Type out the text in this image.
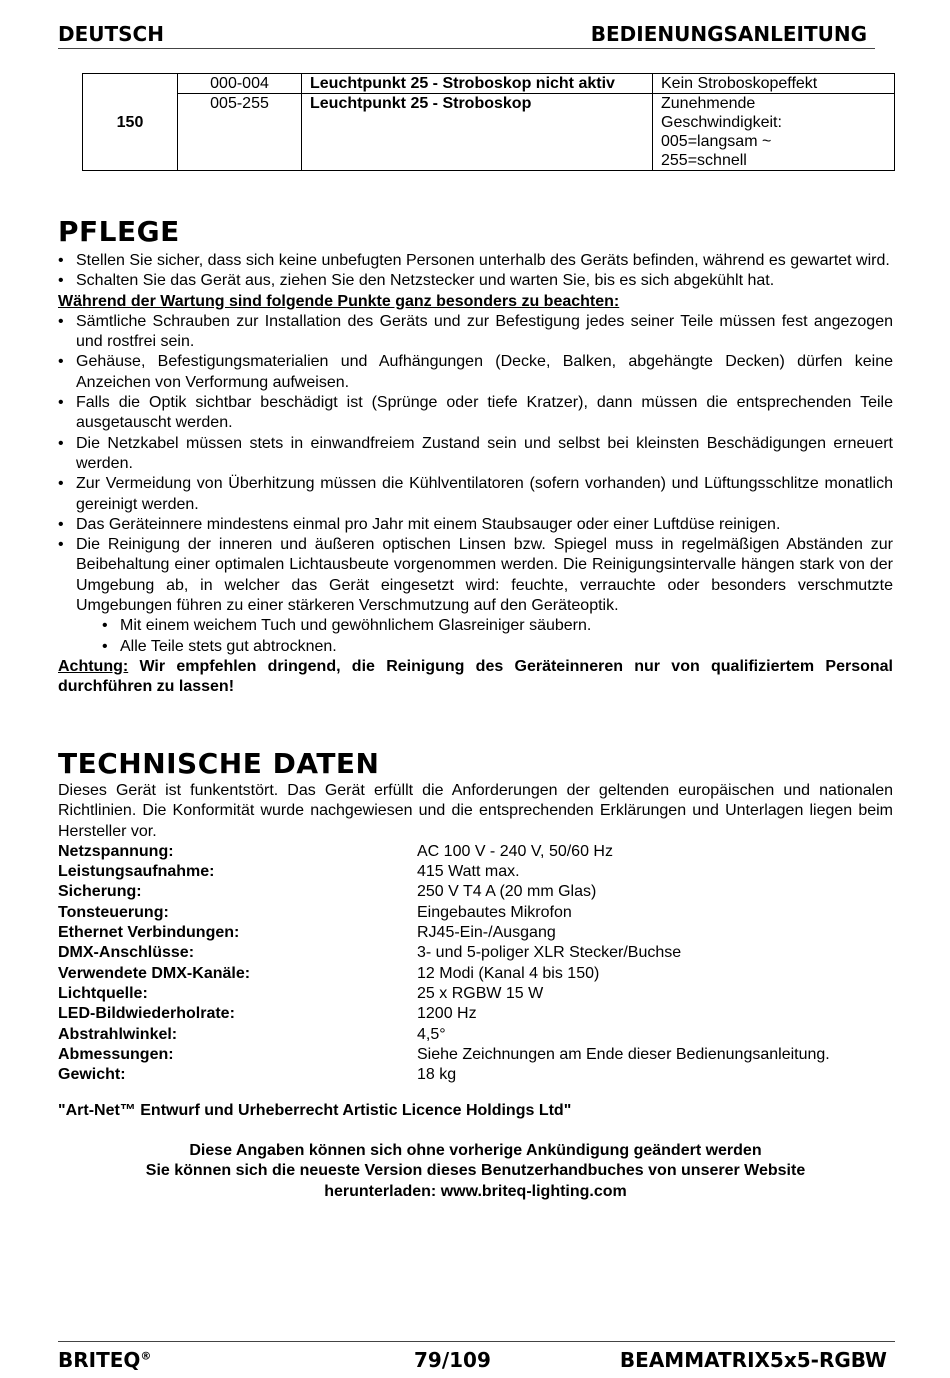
DEUTSCH	BEDIENUNGSANLEITUNG
150	000-004	Leuchtpunkt 25 - Stroboskop nicht aktiv	Kein Stroboskopeffekt
	005-255	Leuchtpunkt 25 - Stroboskop	Zunehmende
Geschwindigkeit:
005=langsam ~
255=schnell
PFLEGE
• Stellen Sie sicher, dass sich keine unbefugten Personen unterhalb des Geräts befinden, während es gewartet wird.
• Schalten Sie das Gerät aus, ziehen Sie den Netzstecker und warten Sie, bis es sich abgekühlt hat.
Während der Wartung sind folgende Punkte ganz besonders zu beachten:
• Sämtliche Schrauben zur Installation des Geräts und zur Befestigung jedes seiner Teile müssen fest angezogen und rostfrei sein.
• Gehäuse, Befestigungsmaterialien und Aufhängungen (Decke, Balken, abgehängte Decken) dürfen keine Anzeichen von Verformung aufweisen.
• Falls die Optik sichtbar beschädigt ist (Sprünge oder tiefe Kratzer), dann müssen die entsprechenden Teile ausgetauscht werden.
• Die Netzkabel müssen stets in einwandfreiem Zustand sein und selbst bei kleinsten Beschädigungen erneuert werden.
• Zur Vermeidung von Überhitzung müssen die Kühlventilatoren (sofern vorhanden) und Lüftungsschlitze monatlich gereinigt werden.
• Das Geräteinnere mindestens einmal pro Jahr mit einem Staubsauger oder einer Luftdüse reinigen.
• Die Reinigung der inneren und äußeren optischen Linsen bzw. Spiegel muss in regelmäßigen Abständen zur Beibehaltung einer optimalen Lichtausbeute vorgenommen werden. Die Reinigungsintervalle hängen stark von der Umgebung ab, in welcher das Gerät eingesetzt wird: feuchte, verrauchte oder besonders verschmutzte Umgebungen führen zu einer stärkeren Verschmutzung auf den Geräteoptik.
• Mit einem weichem Tuch und gewöhnlichem Glasreiniger säubern.
• Alle Teile stets gut abtrocknen.
Achtung: Wir empfehlen dringend, die Reinigung des Geräteinneren nur von qualifiziertem Personal durchführen zu lassen!
TECHNISCHE DATEN
Dieses Gerät ist funkentstört. Das Gerät erfüllt die Anforderungen der geltenden europäischen und nationalen Richtlinien. Die Konformität wurde nachgewiesen und die entsprechenden Erklärungen und Unterlagen liegen beim Hersteller vor.
Netzspannung:	AC 100 V - 240 V, 50/60 Hz
Leistungsaufnahme:	415 Watt max.
Sicherung:	250 V T4 A (20 mm Glas)
Tonsteuerung:	Eingebautes Mikrofon
Ethernet Verbindungen:	RJ45-Ein-/Ausgang
DMX-Anschlüsse:	3- und 5-poliger XLR Stecker/Buchse
Verwendete DMX-Kanäle:	12 Modi (Kanal 4 bis 150)
Lichtquelle:	25 x RGBW 15 W
LED-Bildwiederholrate:	1200 Hz
Abstrahlwinkel:	4,5°
Abmessungen:	Siehe Zeichnungen am Ende dieser Bedienungsanleitung.
Gewicht:	18 kg
"Art-Net™ Entwurf und Urheberrecht Artistic Licence Holdings Ltd"
Diese Angaben können sich ohne vorherige Ankündigung geändert werden
Sie können sich die neueste Version dieses Benutzerhandbuches von unserer Website
herunterladen: www.briteq-lighting.com
BRITEQ®	79/109	BEAMMATRIX5x5-RGBW
